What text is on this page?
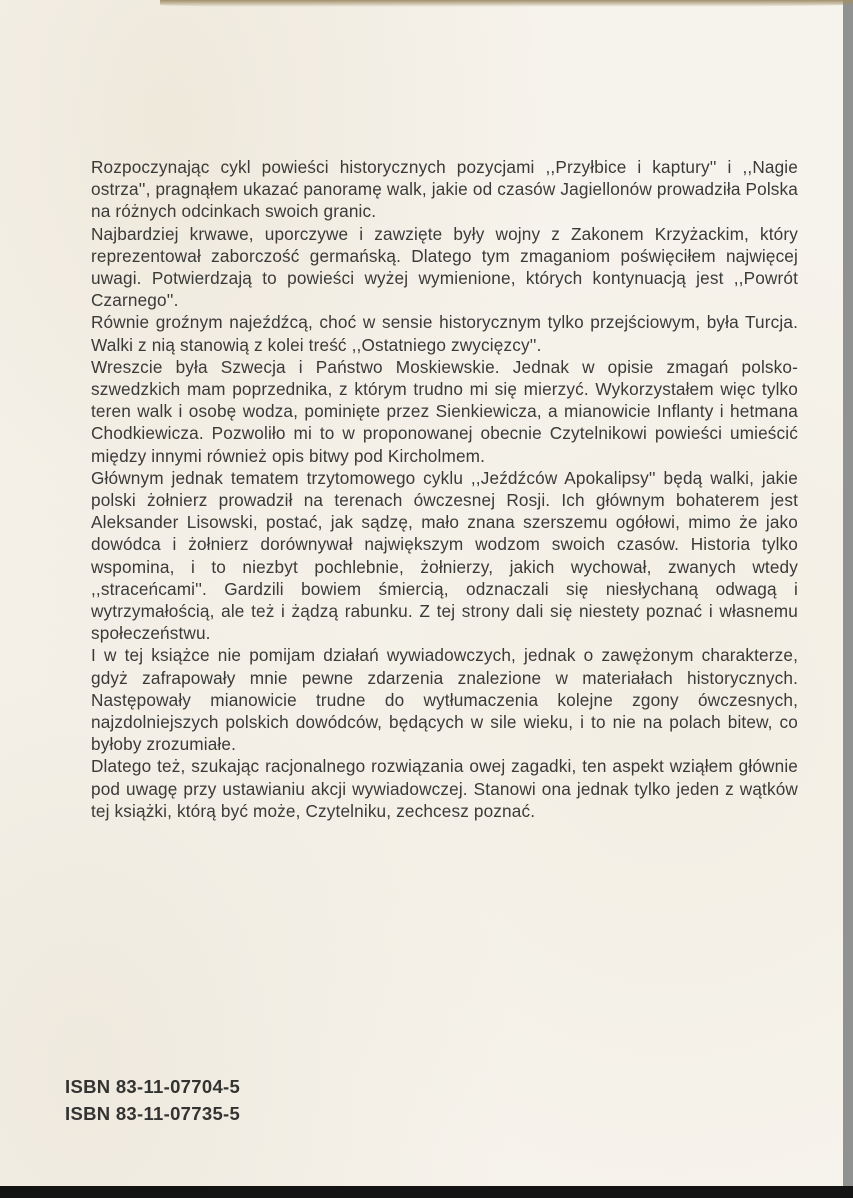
Rozpoczynając cykl powieści historycznych pozycjami ,,Przyłbice i kaptury'' i ,,Nagie ostrza'', pragnąłem ukazać panoramę walk, jakie od czasów Jagiellonów prowadziła Polska na różnych odcinkach swoich granic.

Najbardziej krwawe, uporczywe i zawzięte były wojny z Zakonem Krzyżackim, który reprezentował zaborczość germańską. Dlatego tym zmaganiom poświęciłem najwięcej uwagi. Potwierdzają to powieści wyżej wymienione, których kontynuacją jest ,,Powrót Czarnego''.

Równie groźnym najeźdźcą, choć w sensie historycznym tylko przejściowym, była Turcja. Walki z nią stanowią z kolei treść ,,Ostatniego zwycięzcy''.

Wreszcie była Szwecja i Państwo Moskiewskie. Jednak w opisie zmagań polsko-szwedzkich mam poprzednika, z którym trudno mi się mierzyć. Wykorzystałem więc tylko teren walk i osobę wodza, pominięte przez Sienkiewicza, a mianowicie Inflanty i hetmana Chodkiewicza. Pozwoliło mi to w proponowanej obecnie Czytelnikowi powieści umieścić między innymi również opis bitwy pod Kircholmem.

Głównym jednak tematem trzytomowego cyklu ,,Jeźdźców Apokalipsy'' będą walki, jakie polski żołnierz prowadził na terenach ówczesnej Rosji. Ich głównym bohaterem jest Aleksander Lisowski, postać, jak sądzę, mało znana szerszemu ogółowi, mimo że jako dowódca i żołnierz dorównywał największym wodzom swoich czasów. Historia tylko wspomina, i to niezbyt pochlebnie, żołnierzy, jakich wychował, zwanych wtedy ,,straceńcami''. Gardzili bowiem śmiercią, odznaczali się niesłychaną odwagą i wytrzymałością, ale też i żądzą rabunku. Z tej strony dali się niestety poznać i własnemu społeczeństwu.

I w tej książce nie pomijam działań wywiadowczych, jednak o zawężonym charakterze, gdyż zafrapowały mnie pewne zdarzenia znalezione w materiałach historycznych. Następowały mianowicie trudne do wytłumaczenia kolejne zgony ówczesnych, najzdolniejszych polskich dowódców, będących w sile wieku, i to nie na polach bitew, co byłoby zrozumiałe.

Dlatego też, szukając racjonalnego rozwiązania owej zagadki, ten aspekt wziąłem głównie pod uwagę przy ustawianiu akcji wywiadowczej. Stanowi ona jednak tylko jeden z wątków tej książki, którą być może, Czytelniku, zechcesz poznać.

ISBN 83-11-07704-5
ISBN 83-11-07735-5
